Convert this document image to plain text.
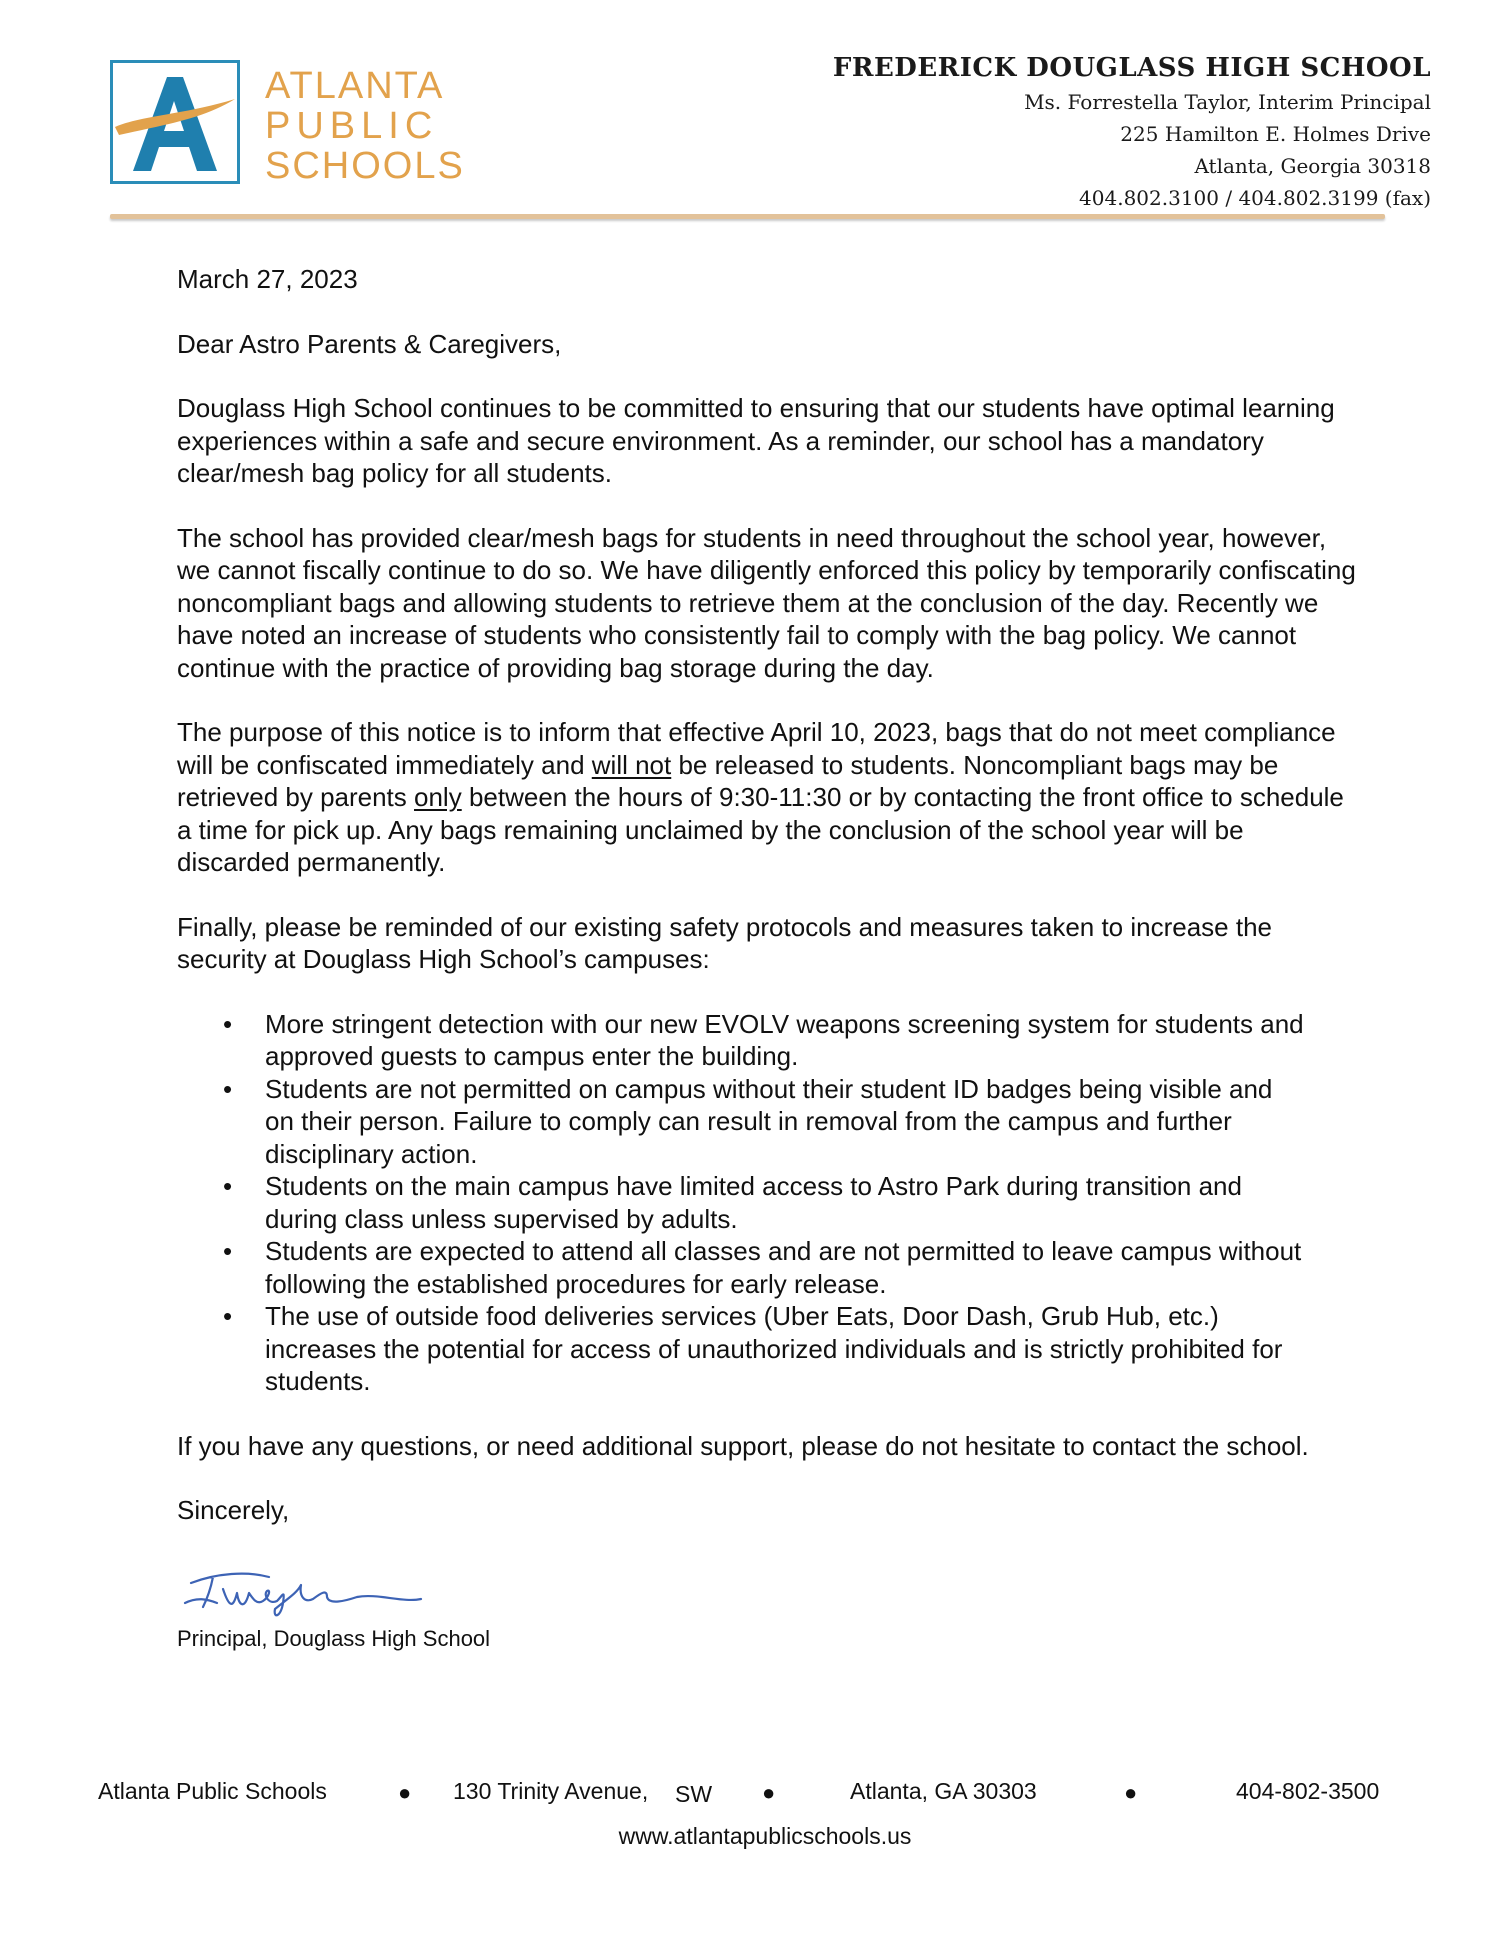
ATLANTA
PUBLIC
SCHOOLS
FREDERICK DOUGLASS HIGH SCHOOL
Ms. Forrestella Taylor, Interim Principal
225 Hamilton E. Holmes Drive
Atlanta, Georgia 30318
404.802.3100 / 404.802.3199 (fax)

March 27, 2023

Dear Astro Parents & Caregivers,

Douglass High School continues to be committed to ensuring that our students have optimal learning experiences within a safe and secure environment. As a reminder, our school has a mandatory clear/mesh bag policy for all students.

The school has provided clear/mesh bags for students in need throughout the school year, however, we cannot fiscally continue to do so. We have diligently enforced this policy by temporarily confiscating noncompliant bags and allowing students to retrieve them at the conclusion of the day. Recently we have noted an increase of students who consistently fail to comply with the bag policy. We cannot continue with the practice of providing bag storage during the day.

The purpose of this notice is to inform that effective April 10, 2023, bags that do not meet compliance will be confiscated immediately and will not be released to students. Noncompliant bags may be retrieved by parents only between the hours of 9:30-11:30 or by contacting the front office to schedule a time for pick up. Any bags remaining unclaimed by the conclusion of the school year will be discarded permanently.

Finally, please be reminded of our existing safety protocols and measures taken to increase the security at Douglass High School’s campuses:

• More stringent detection with our new EVOLV weapons screening system for students and approved guests to campus enter the building.
• Students are not permitted on campus without their student ID badges being visible and on their person. Failure to comply can result in removal from the campus and further disciplinary action.
• Students on the main campus have limited access to Astro Park during transition and during class unless supervised by adults.
• Students are expected to attend all classes and are not permitted to leave campus without following the established procedures for early release.
• The use of outside food deliveries services (Uber Eats, Door Dash, Grub Hub, etc.) increases the potential for access of unauthorized individuals and is strictly prohibited for students.

If you have any questions, or need additional support, please do not hesitate to contact the school.

Sincerely,

Principal, Douglass High School

Atlanta Public Schools	● 130 Trinity Avenue, SW ●	Atlanta, GA 30303	●	404-802-3500
www.atlantapublicschools.us
